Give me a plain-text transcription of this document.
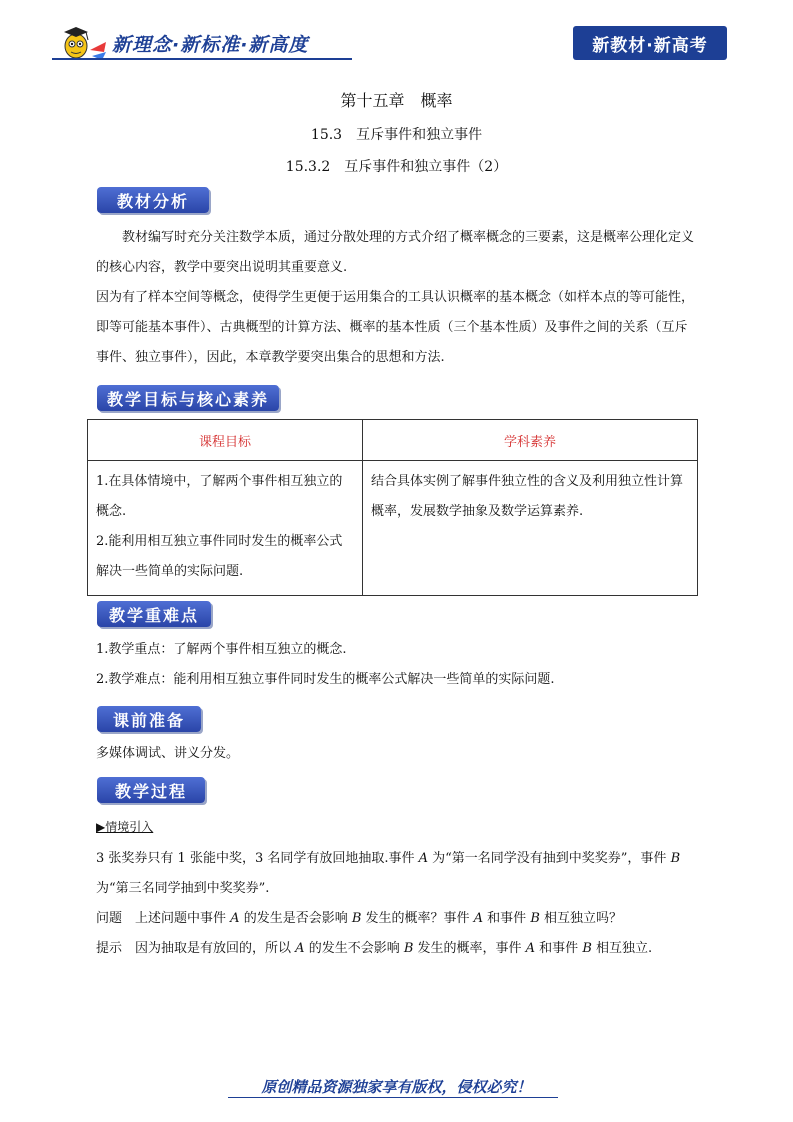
新理念·新标准·新高度	新教材·新高考
第十五章　概率
15.3　互斥事件和独立事件
15.3.2　互斥事件和独立事件（2）
教材分析
教材编写时充分关注数学本质，通过分散处理的方式介绍了概率概念的三要素，这是概率公理化定义的核心内容，教学中要突出说明其重要意义.
因为有了样本空间等概念，使得学生更便于运用集合的工具认识概率的基本概念（如样本点的等可能性，即等可能基本事件）、古典概型的计算方法、概率的基本性质（三个基本性质）及事件之间的关系（互斥事件、独立事件），因此，本章教学要突出集合的思想和方法.
教学目标与核心素养
课程目标	学科素养

1.在具体情境中，了解两个事件相互独立的概念.
2.能利用相互独立事件同时发生的概率公式解决一些简单的实际问题.	结合具体实例了解事件独立性的含义及利用独立性计算概率，发展数学抽象及数学运算素养.
教学重难点
1.教学重点：了解两个事件相互独立的概念.
2.教学难点：能利用相互独立事件同时发生的概率公式解决一些简单的实际问题.
课前准备
多媒体调试、讲义分发。
教学过程
▶情境引入
3 张奖券只有 1 张能中奖，3 名同学有放回地抽取.事件 A 为“第一名同学没有抽到中奖奖券”，事件 B
为“第三名同学抽到中奖奖券”.
问题　 上述问题中事件 A 的发生是否会影响 B 发生的概率？事件 A 和事件 B 相互独立吗？
提示　 因为抽取是有放回的，所以 A 的发生不会影响 B 发生的概率，事件 A 和事件 B 相互独立.
原创精品资源独家享有版权，侵权必究！
